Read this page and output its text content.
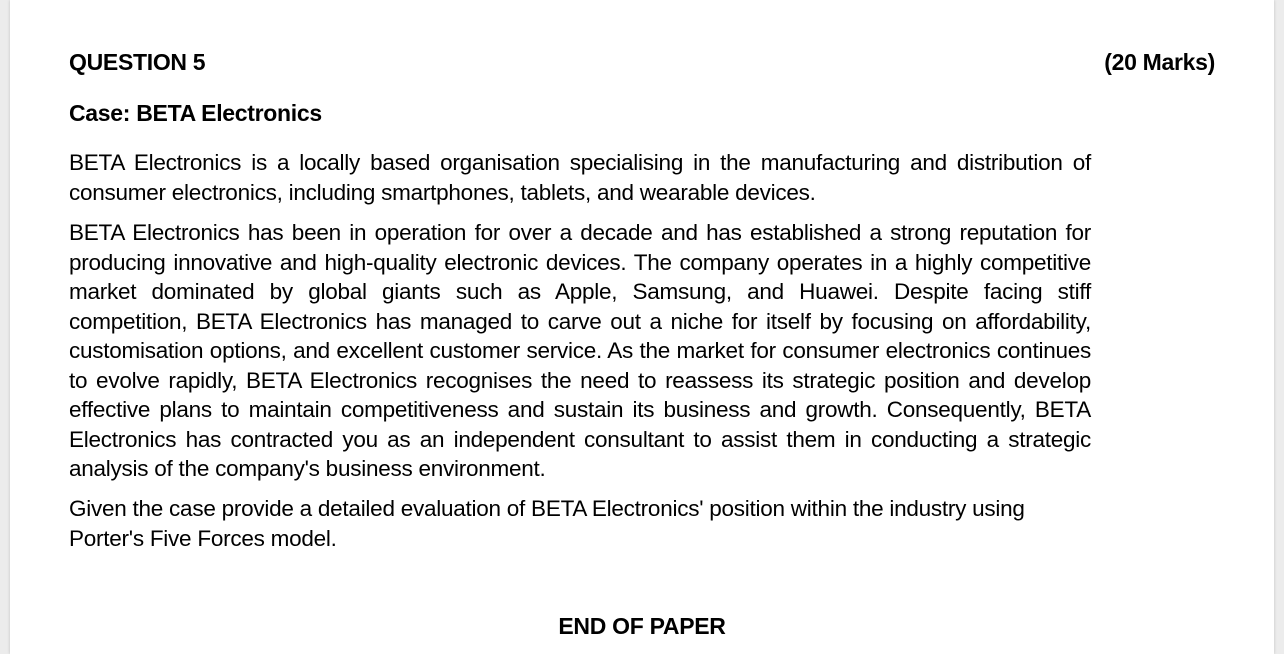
QUESTION 5	(20 Marks)
Case: BETA Electronics

BETA Electronics is a locally based organisation specialising in the manufacturing and distribution of consumer electronics, including smartphones, tablets, and wearable devices.

BETA Electronics has been in operation for over a decade and has established a strong reputation for producing innovative and high-quality electronic devices. The company operates in a highly competitive market dominated by global giants such as Apple, Samsung, and Huawei. Despite facing stiff competition, BETA Electronics has managed to carve out a niche for itself by focusing on affordability, customisation options, and excellent customer service. As the market for consumer electronics continues to evolve rapidly, BETA Electronics recognises the need to reassess its strategic position and develop effective plans to maintain competitiveness and sustain its business and growth. Consequently, BETA Electronics has contracted you as an independent consultant to assist them in conducting a strategic analysis of the company's business environment.

Given the case provide a detailed evaluation of BETA Electronics' position within the industry using Porter's Five Forces model.

END OF PAPER
